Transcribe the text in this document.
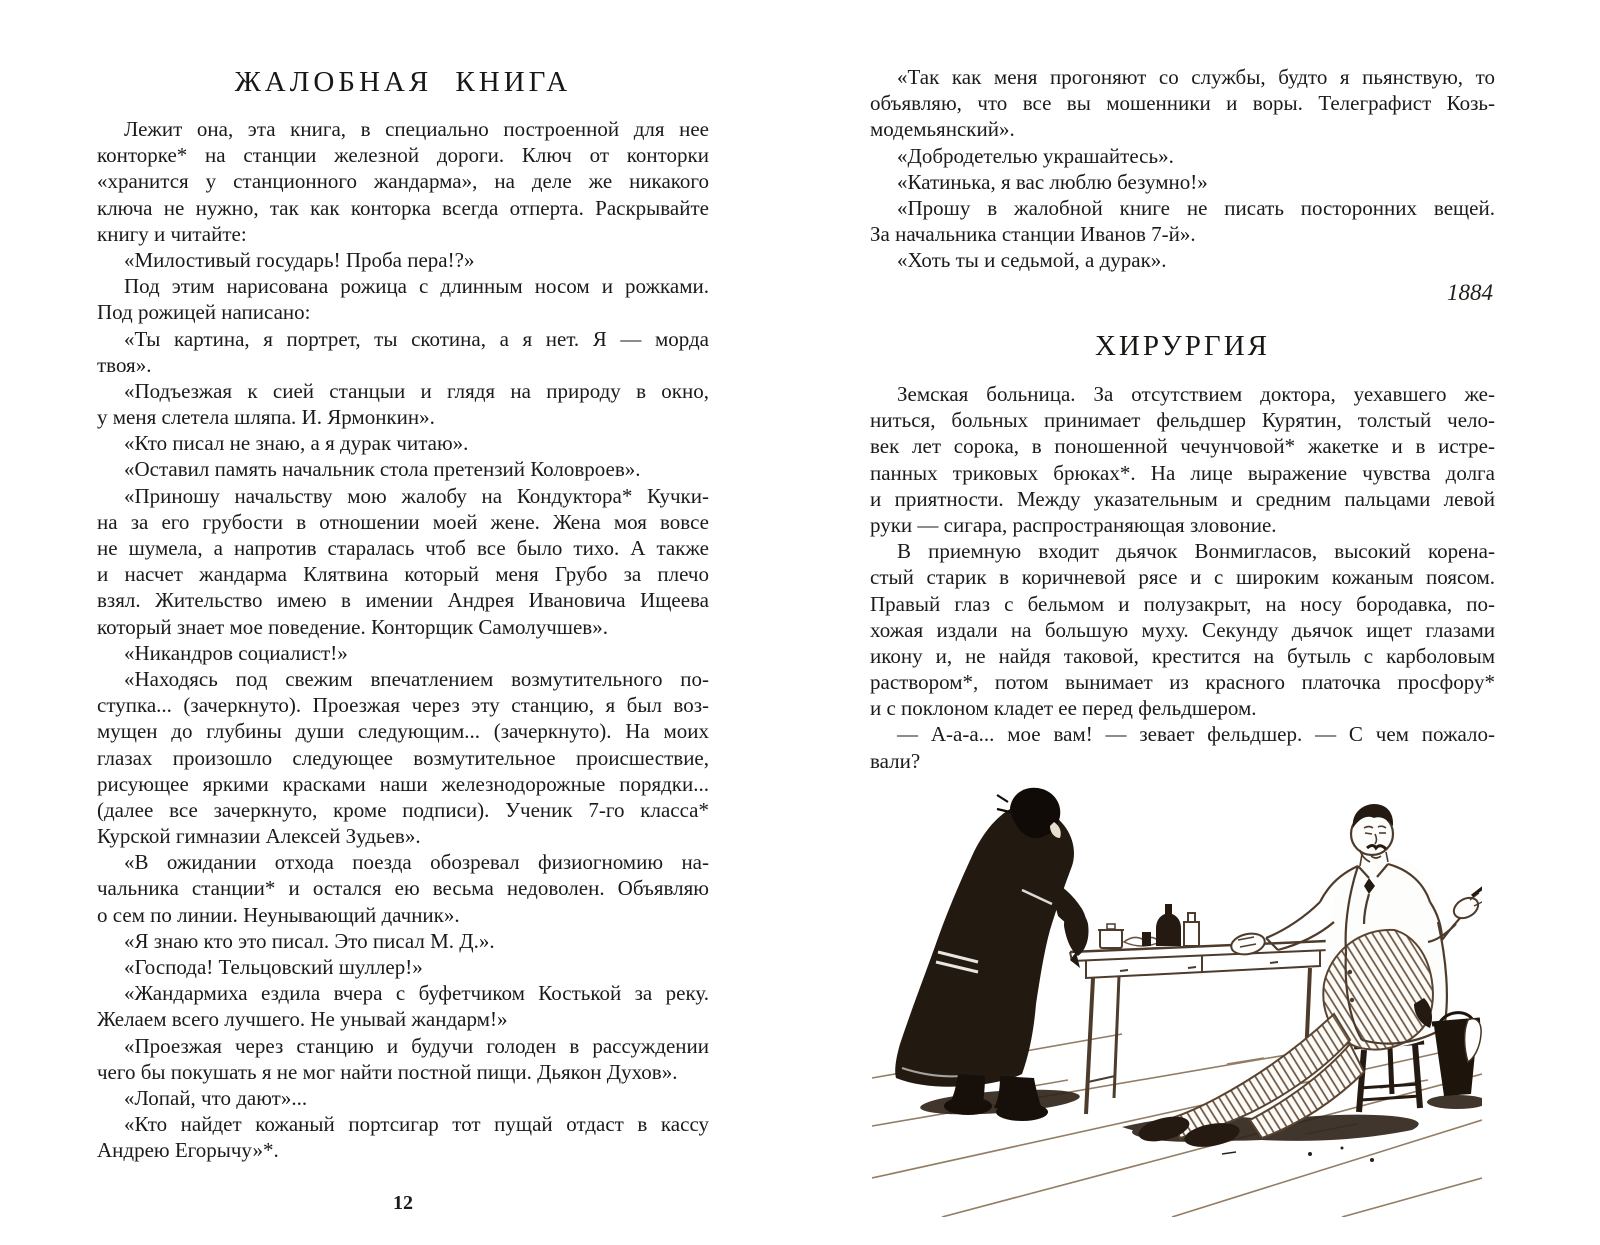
ЖАЛОБНАЯ КНИГА
Лежит она, эта книга, в специально построенной для нее
конторке* на станции железной дороги. Ключ от конторки
«хранится у станционного жандарма», на деле же никакого
ключа не нужно, так как конторка всегда отперта. Раскрывайте
книгу и читайте:
«Милостивый государь! Проба пера!?»
Под этим нарисована рожица с длинным носом и рожками.
Под рожицей написано:
«Ты картина, я портрет, ты скотина, а я нет. Я — морда
твоя».
«Подъезжая к сией станцыи и глядя на природу в окно,
у меня слетела шляпа. И. Ярмонкин».
«Кто писал не знаю, а я дурак читаю».
«Оставил память начальник стола претензий Коловроев».
«Приношу начальству мою жалобу на Кондуктора* Кучки-
на за его грубости в отношении моей жене. Жена моя вовсе
не шумела, а напротив старалась чтоб все было тихо. А также
и насчет жандарма Клятвина который меня Грубо за плечо
взял. Жительство имею в имении Андрея Ивановича Ищеева
который знает мое поведение. Конторщик Самолучшев».
«Никандров социалист!»
«Находясь под свежим впечатлением возмутительного по-
ступка... (зачеркнуто). Проезжая через эту станцию, я был воз-
мущен до глубины души следующим... (зачеркнуто). На моих
глазах произошло следующее возмутительное происшествие,
рисующее яркими красками наши железнодорожные порядки...
(далее все зачеркнуто, кроме подписи). Ученик 7-го класса*
Курской гимназии Алексей Зудьев».
«В ожидании отхода поезда обозревал физиогномию на-
чальника станции* и остался ею весьма недоволен. Объявляю
о сем по линии. Неунывающий дачник».
«Я знаю кто это писал. Это писал М. Д.».
«Господа! Тельцовский шуллер!»
«Жандармиха ездила вчера с буфетчиком Костькой за реку.
Желаем всего лучшего. Не унывай жандарм!»
«Проезжая через станцию и будучи голоден в рассуждении
чего бы покушать я не мог найти постной пищи. Дьякон Духов».
«Лопай, что дают»...
«Кто найдет кожаный портсигар тот пущай отдаст в кассу
Андрею Егорычу»*.
12
«Так как меня прогоняют со службы, будто я пьянствую, то
объявляю, что все вы мошенники и воры. Телеграфист Козь-
модемьянский».
«Добродетелью украшайтесь».
«Катинька, я вас люблю безумно!»
«Прошу в жалобной книге не писать посторонних вещей.
За начальника станции Иванов 7-й».
«Хоть ты и седьмой, а дурак».
1884
ХИРУРГИЯ
Земская больница. За отсутствием доктора, уехавшего же-
ниться, больных принимает фельдшер Курятин, толстый чело-
век лет сорока, в поношенной чечунчовой* жакетке и в истре-
панных триковых брюках*. На лице выражение чувства долга
и приятности. Между указательным и средним пальцами левой
руки — сигара, распространяющая зловоние.
В приемную входит дьячок Вонмигласов, высокий корена-
стый старик в коричневой рясе и с широким кожаным поясом.
Правый глаз с бельмом и полузакрыт, на носу бородавка, по-
хожая издали на большую муху. Секунду дьячок ищет глазами
икону и, не найдя таковой, крестится на бутыль с карболовым
раствором*, потом вынимает из красного платочка просфору*
и с поклоном кладет ее перед фельдшером.
— А-а-а... мое вам! — зевает фельдшер. — С чем пожало-
вали?
